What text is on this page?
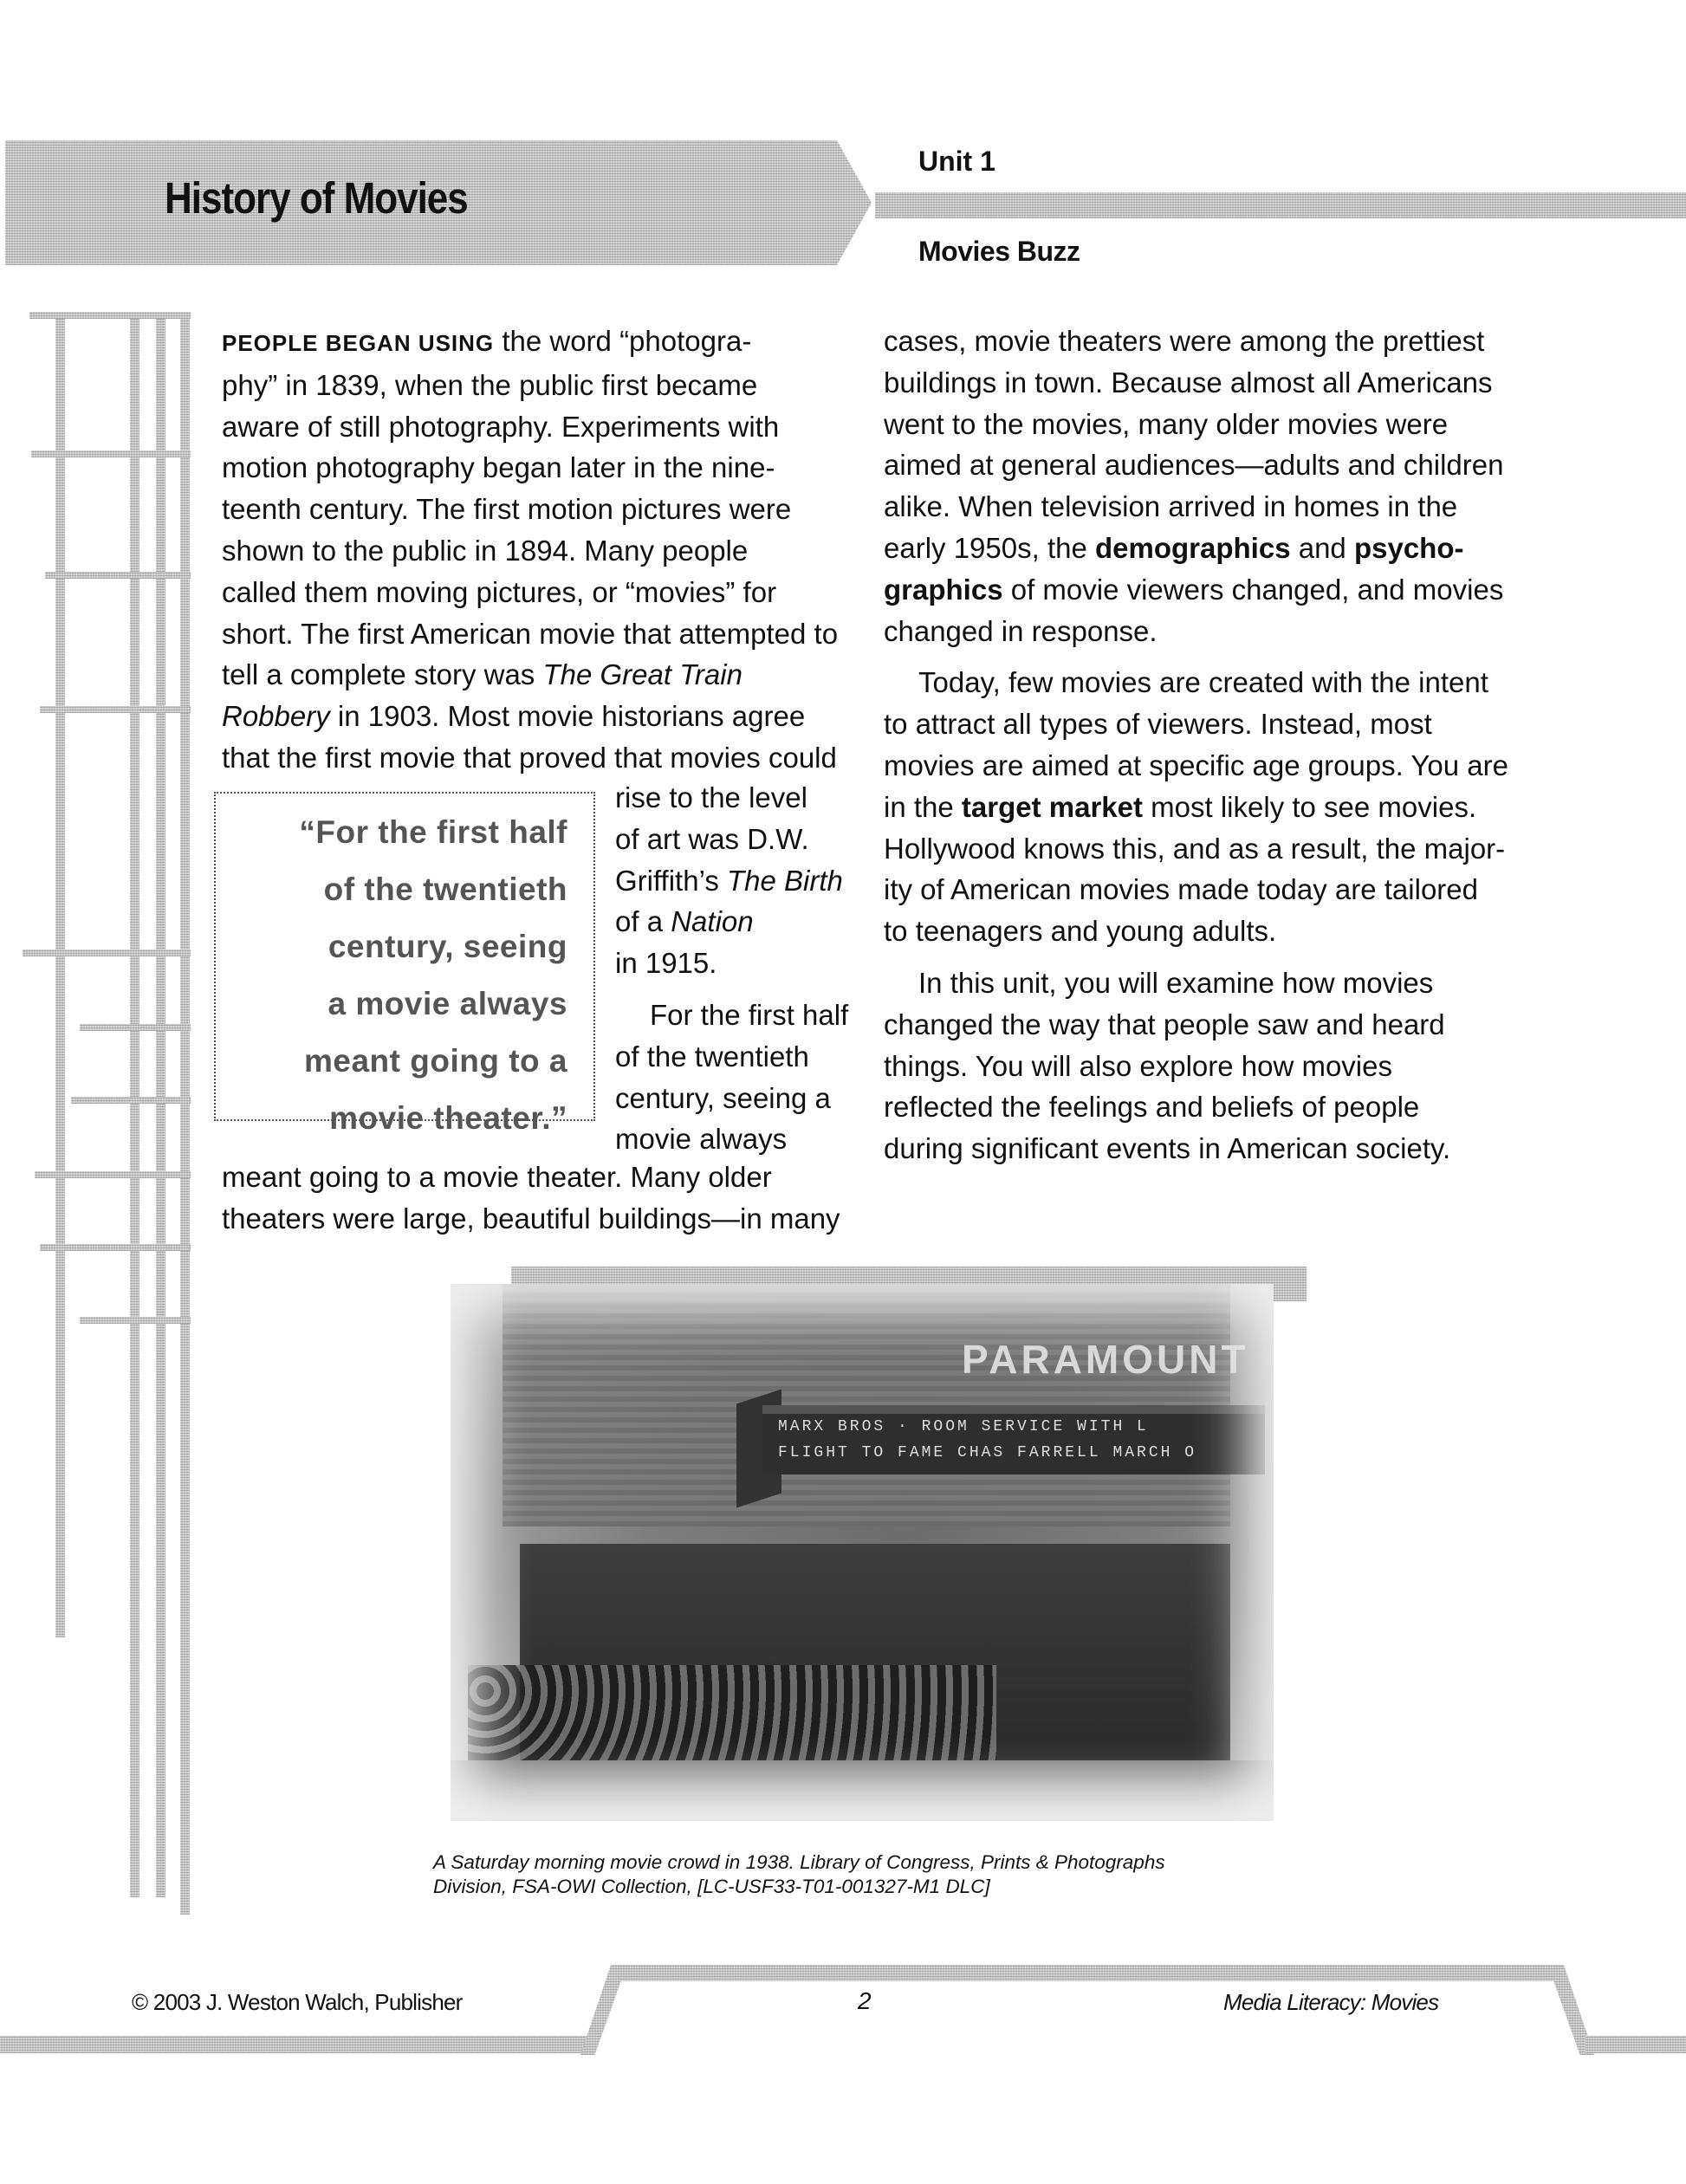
History of Movies
Unit 1
Movies Buzz
PEOPLE BEGAN USING the word “photogra-
phy” in 1839, when the public first became
aware of still photography. Experiments with
motion photography began later in the nine-
teenth century. The first motion pictures were
shown to the public in 1894. Many people
called them moving pictures, or “movies” for
short. The first American movie that attempted to
tell a complete story was The Great Train
Robbery in 1903. Most movie historians agree
that the first movie that proved that movies could
“For the first half
of the twentieth
century, seeing
a movie always
meant going to a
movie theater.”
rise to the level
of art was D.W.
Griffith’s The Birth
of a Nation
in 1915.
For the first half
of the twentieth
century, seeing a
movie always
meant going to a movie theater. Many older
theaters were large, beautiful buildings—in many

cases, movie theaters were among the prettiest
buildings in town. Because almost all Americans
went to the movies, many older movies were
aimed at general audiences—adults and children
alike. When television arrived in homes in the
early 1950s, the demographics and psycho-
graphics of movie viewers changed, and movies
changed in response.

Today, few movies are created with the intent
to attract all types of viewers. Instead, most
movies are aimed at specific age groups. You are
in the target market most likely to see movies.
Hollywood knows this, and as a result, the major-
ity of American movies made today are tailored
to teenagers and young adults.

In this unit, you will examine how movies
changed the way that people saw and heard
things. You will also explore how movies
reflected the feelings and beliefs of people
during significant events in American society.

PARAMOUNT
MARX BROS · ROOM SERVICE WITH L
FLIGHT TO FAME CHAS FARRELL MARCH O
A Saturday morning movie crowd in 1938. Library of Congress, Prints & Photographs
Division, FSA-OWI Collection, [LC-USF33-T01-001327-M1 DLC]
© 2003 J. Weston Walch, Publisher	2	Media Literacy: Movies
